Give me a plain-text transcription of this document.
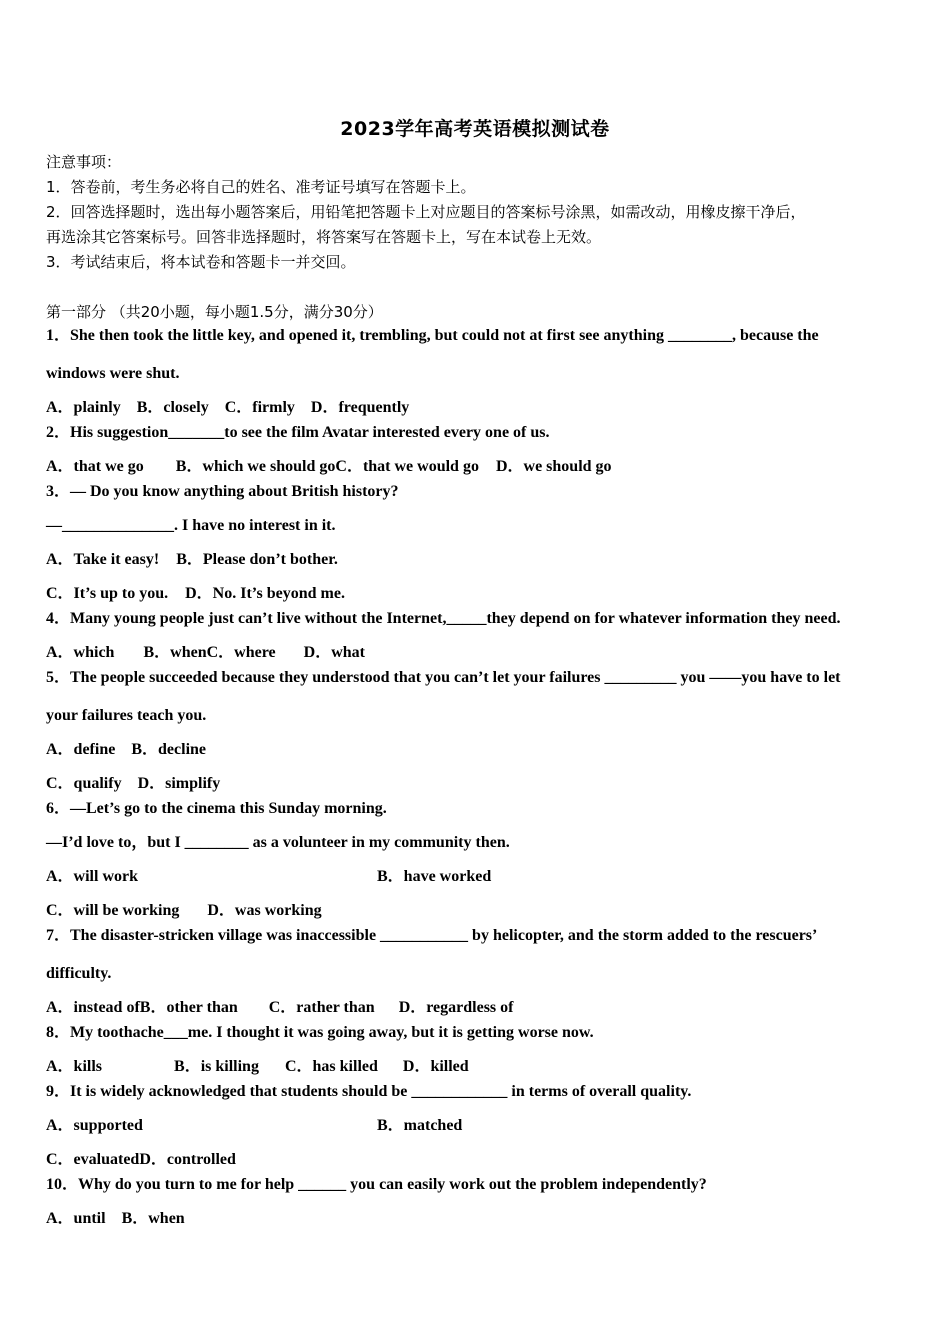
2023学年高考英语模拟测试卷
注意事项：
1．答卷前，考生务必将自己的姓名、准考证号填写在答题卡上。
2．回答选择题时，选出每小题答案后，用铅笔把答题卡上对应题目的答案标号涂黑，如需改动，用橡皮擦干净后，
再选涂其它答案标号。回答非选择题时，将答案写在答题卡上，写在本试卷上无效。
3．考试结束后，将本试卷和答题卡一并交回。
第一部分 （共20小题，每小题1.5分，满分30分）
1．She then took the little key, and opened it, trembling, but could not at first see anything ________, because the
windows were shut.
A．plainly B．closely C．firmly D．frequently
2．His suggestion_______to see the film Avatar interested every one of us.
A．that we go B．which we should goC．that we would go D．we should go
3．— Do you know anything about British history?
—______________. I have no interest in it.
A．Take it easy! B．Please don’t bother.
C．It’s up to you. D．No. It’s beyond me.
4．Many young people just can’t live without the Internet,_____they depend on for whatever information they need.
A．which B．whenC．where D．what
5．The people succeeded because they understood that you can’t let your failures _________ you ——you have to let
your failures teach you.
A．define B．decline
C．qualify D．simplify
6．—Let’s go to the cinema this Sunday morning.
—I’d love to，but I ________ as a volunteer in my community then.
A．will work	B．have worked
C．will be working D．was working
7．The disaster-stricken village was inaccessible ___________ by helicopter, and the storm added to the rescuers’
difficulty.
A．instead ofB．other than C．rather than D．regardless of
8．My toothache___me. I thought it was going away, but it is getting worse now.
A．kills	B．is killing C．has killed D．killed
9．It is widely acknowledged that students should be ____________ in terms of overall quality.
A．supported	B．matched
C．evaluatedD．controlled
10．Why do you turn to me for help ______ you can easily work out the problem independently?
A．until B．when
